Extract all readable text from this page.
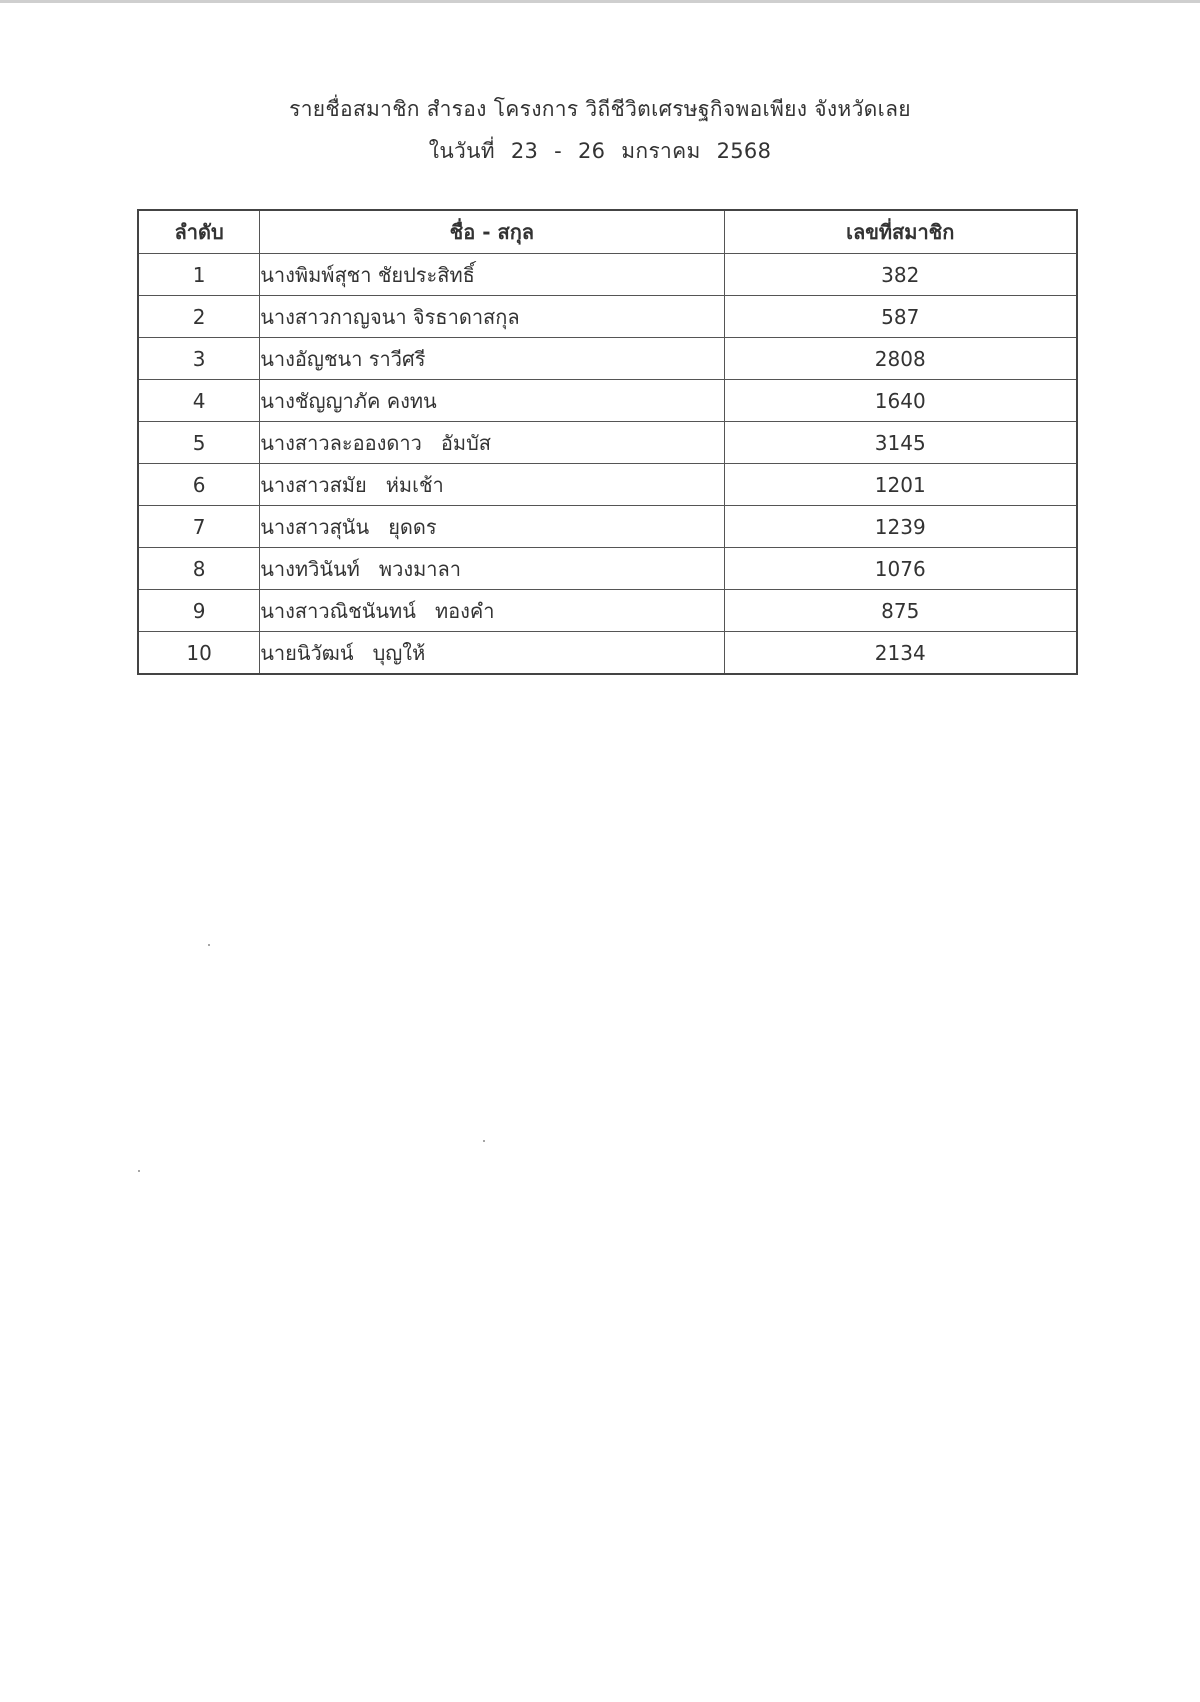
รายชื่อสมาชิก สำรอง โครงการ วิถีชีวิตเศรษฐกิจพอเพียง จังหวัดเลย
ในวันที่ 23 - 26 มกราคม 2568
ลำดับ	ชื่อ - สกุล	เลขที่สมาชิก
1	นางพิมพ์สุชา ชัยประสิทธิ์	382
2	นางสาวกาญจนา จิรธาดาสกุล	587
3	นางอัญชนา ราวีศรี	2808
4	นางชัญญาภัค คงทน	1640
5	นางสาวละอองดาว   อัมบัส	3145
6	นางสาวสมัย   ห่มเช้า	1201
7	นางสาวสุนัน   ยุดดร	1239
8	นางทวินันท์   พวงมาลา	1076
9	นางสาวณิชนันทน์   ทองคำ	875
10	นายนิวัฒน์   บุญให้	2134
